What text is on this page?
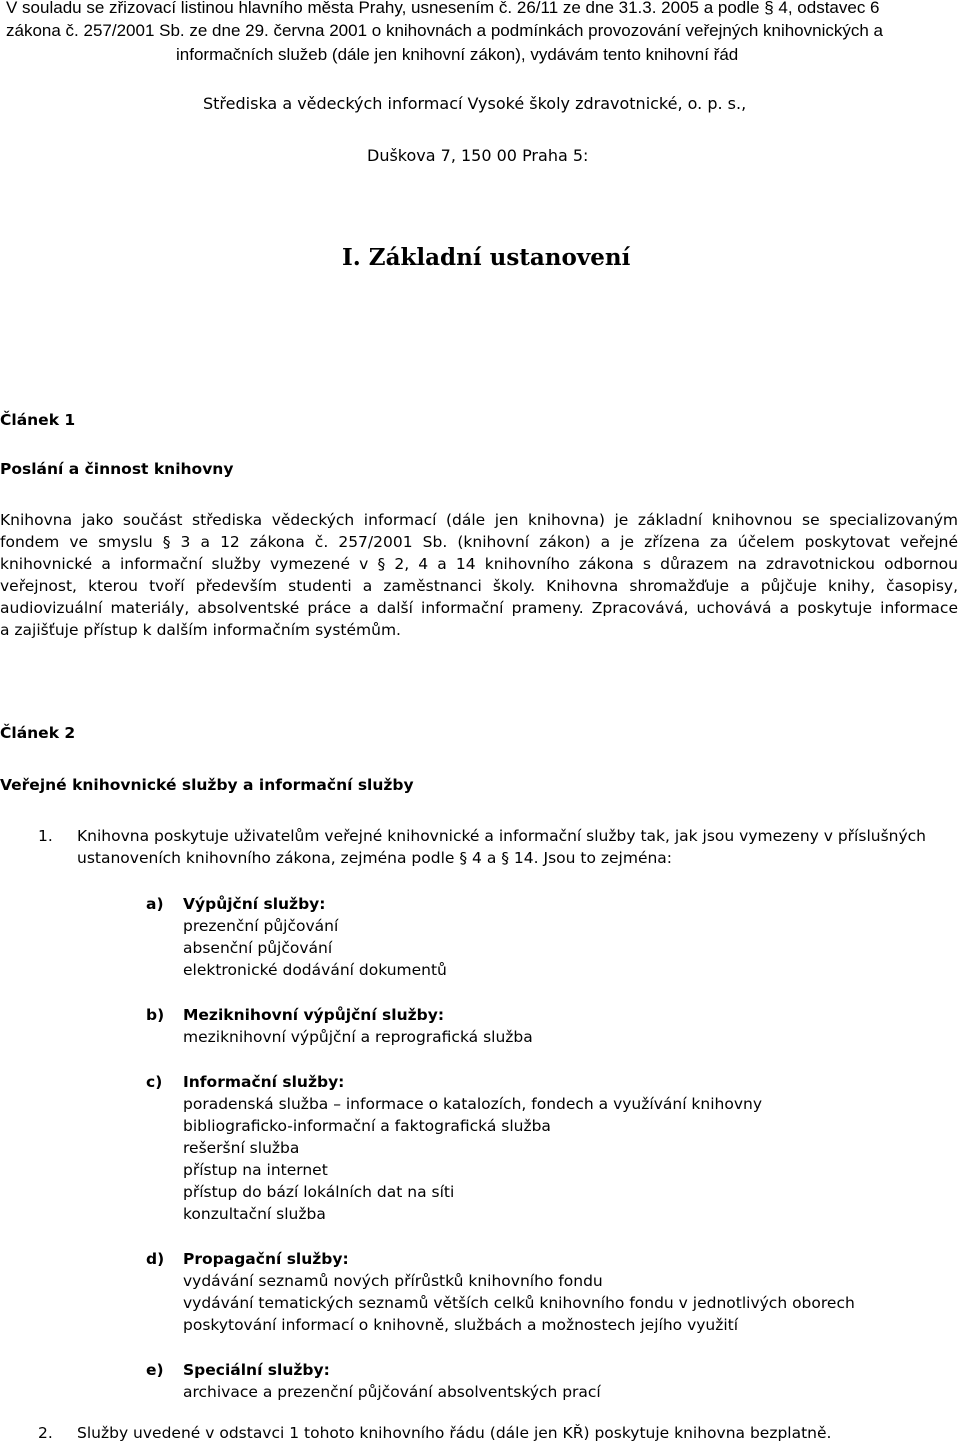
V souladu se zřizovací listinou hlavního města Prahy, usnesením č. 26/11 ze dne 31.3. 2005 a podle § 4, odstavec 6
zákona č. 257/2001 Sb. ze dne 29. června 2001 o knihovnách a podmínkách provozování veřejných knihovnických a
informačních služeb (dále jen knihovní zákon), vydávám tento knihovní řád
Střediska a vědeckých informací Vysoké školy zdravotnické, o. p. s.,
Duškova 7, 150 00 Praha 5:
I. Základní ustanovení
Článek 1
Poslání a činnost knihovny
Knihovna jako součást střediska vědeckých informací (dále jen knihovna) je základní knihovnou se specializovaným
fondem ve smyslu § 3 a 12 zákona č. 257/2001 Sb. (knihovní zákon) a je zřízena za účelem poskytovat veřejné
knihovnické a informační služby vymezené v § 2, 4 a 14 knihovního zákona s důrazem na zdravotnickou odbornou
veřejnost, kterou tvoří především studenti a zaměstnanci školy. Knihovna shromažďuje a půjčuje knihy, časopisy,
audiovizuální materiály, absolventské práce a další informační prameny. Zpracovává, uchovává a poskytuje informace
a zajišťuje přístup k dalším informačním systémům.
Článek 2
Veřejné knihovnické služby a informační služby
1. Knihovna poskytuje uživatelům veřejné knihovnické a informační služby tak, jak jsou vymezeny v příslušných
ustanoveních knihovního zákona, zejména podle § 4 a § 14. Jsou to zejména:
a) Výpůjční služby:
prezenční půjčování
absenční půjčování
elektronické dodávání dokumentů
b) Meziknihovní výpůjční služby:
meziknihovní výpůjční a reprografická služba
c) Informační služby:
poradenská služba – informace o katalozích, fondech a využívání knihovny
bibliograficko-informační a faktografická služba
rešeršní služba
přístup na internet
přístup do bází lokálních dat na síti
konzultační služba
d) Propagační služby:
vydávání seznamů nových přírůstků knihovního fondu
vydávání tematických seznamů větších celků knihovního fondu v jednotlivých oborech
poskytování informací o knihovně, službách a možnostech jejího využití
e) Speciální služby:
archivace a prezenční půjčování absolventských prací
2. Služby uvedené v odstavci 1 tohoto knihovního řádu (dále jen KŘ) poskytuje knihovna bezplatně.
